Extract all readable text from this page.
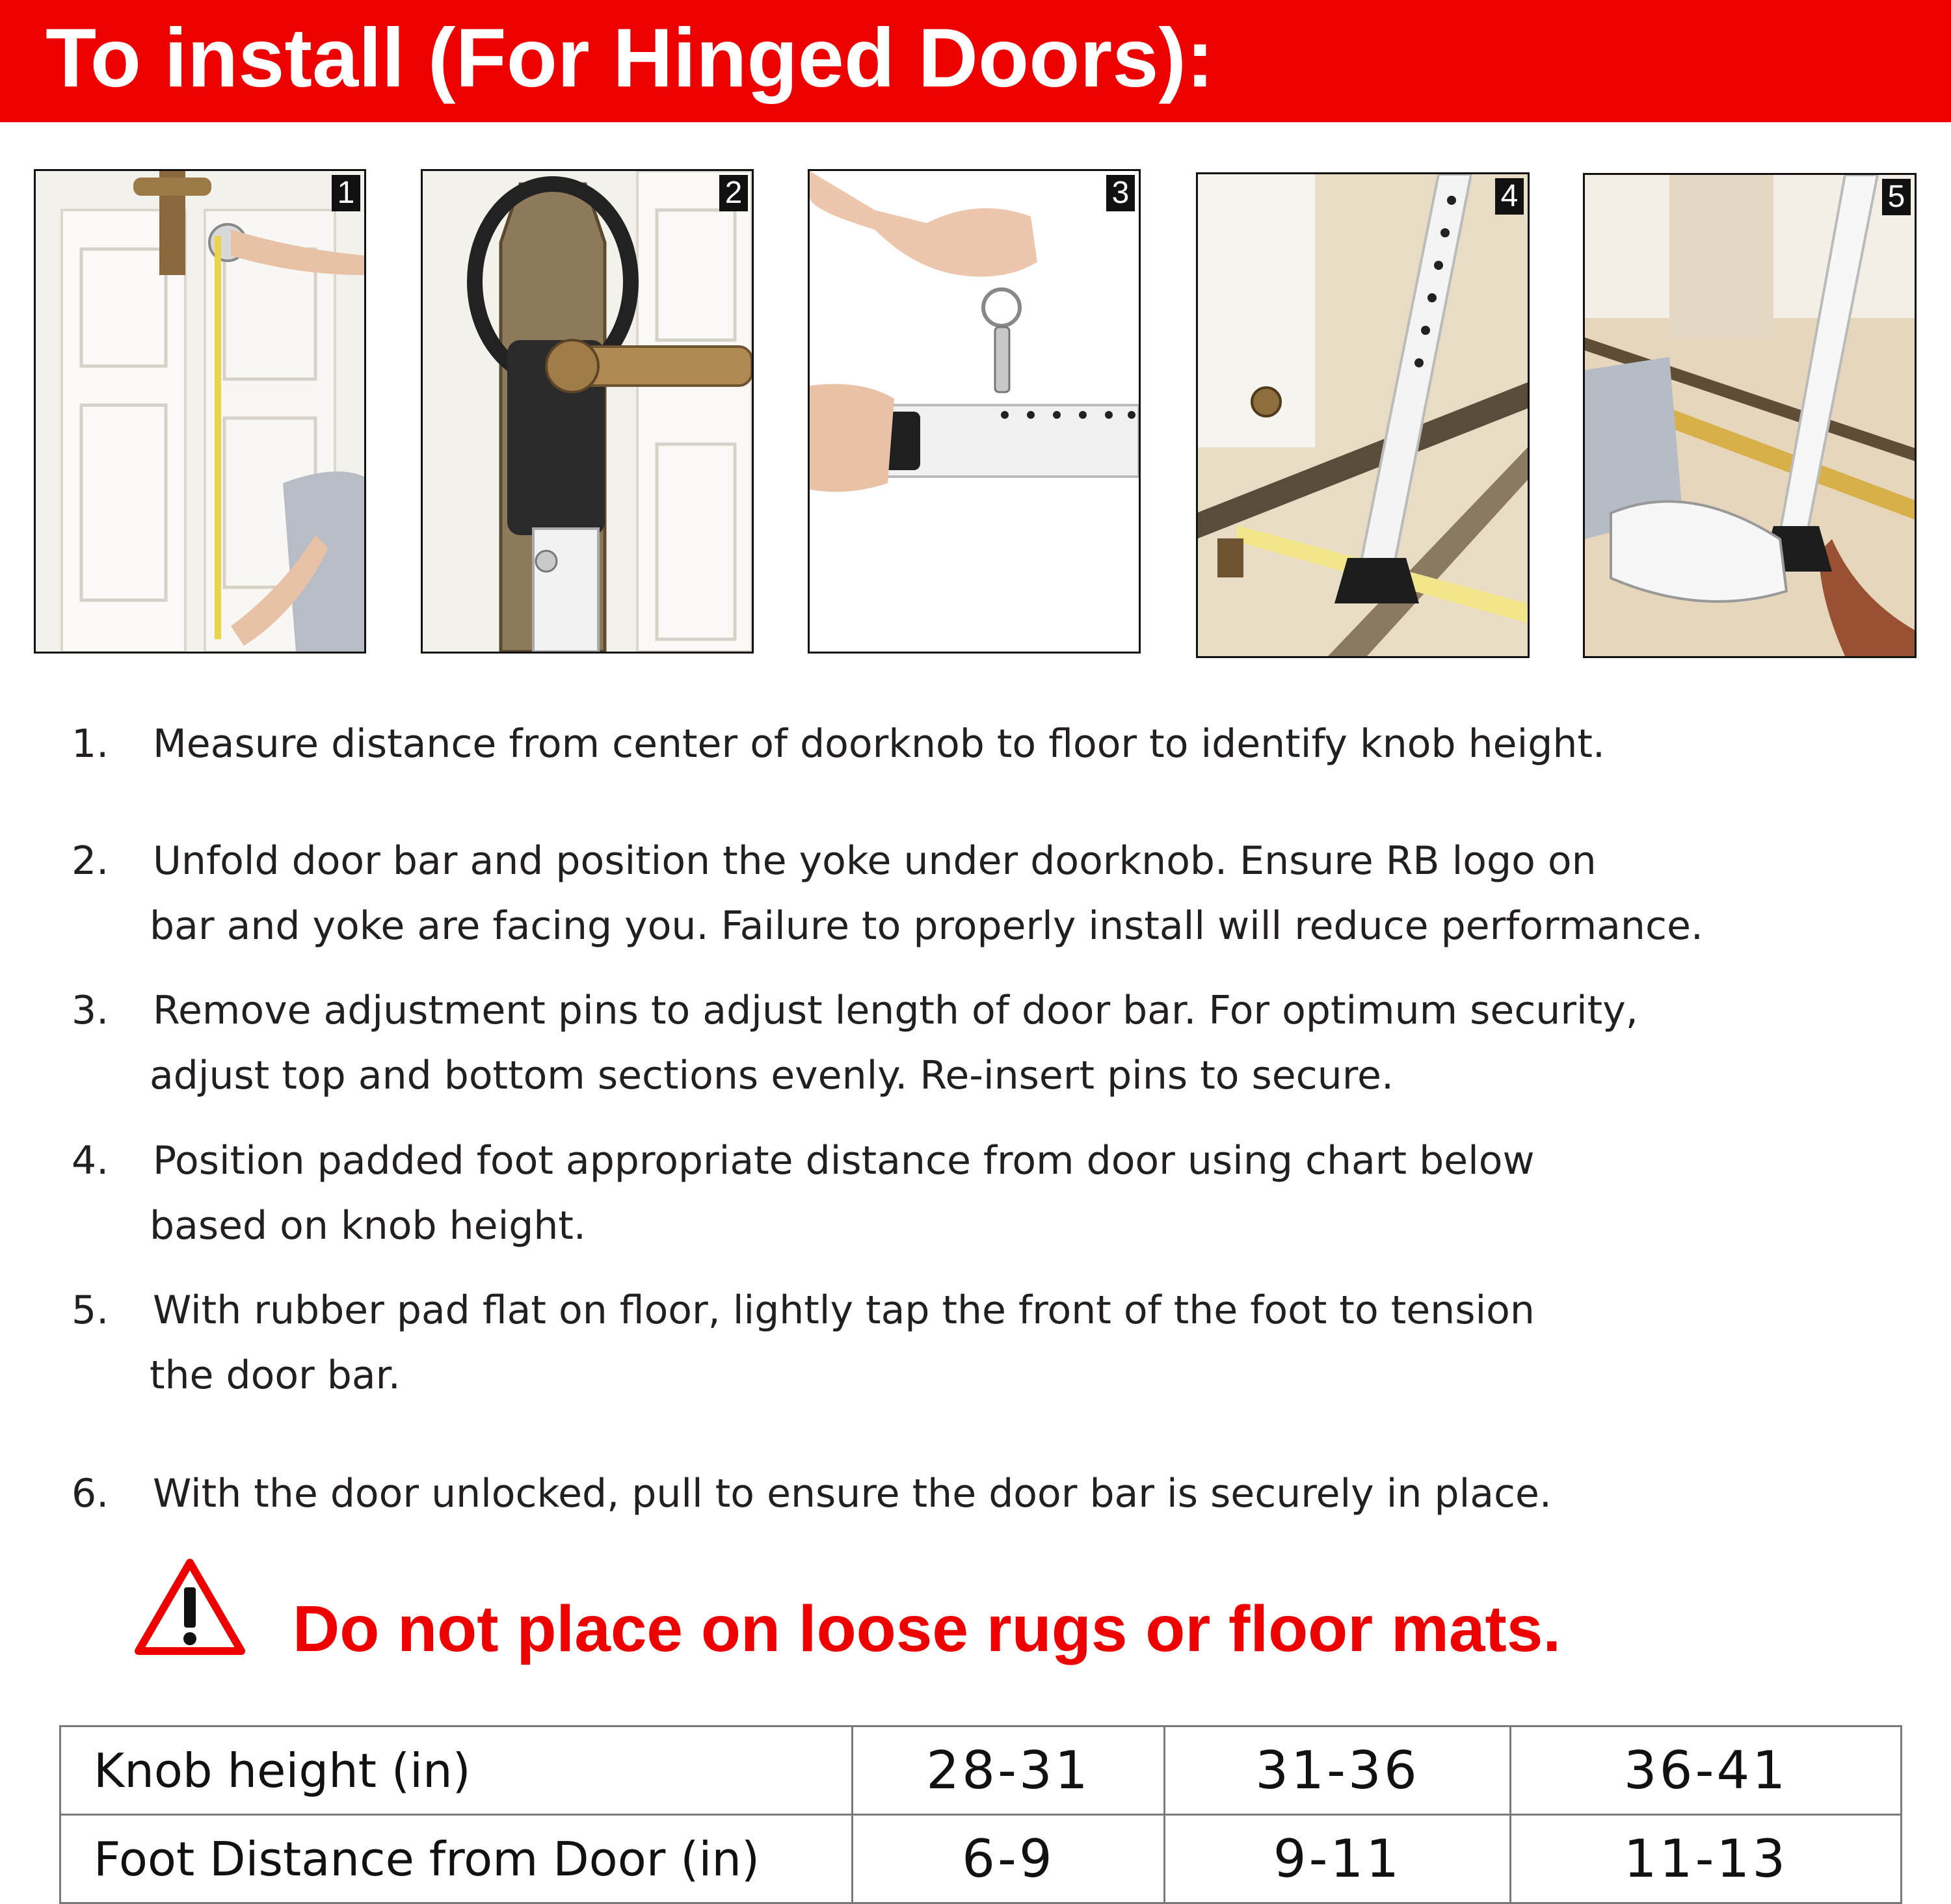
To install (For Hinged Doors):
1	2	3	4	5
1. Measure distance from center of doorknob to floor to identify knob height.
2. Unfold door bar and position the yoke under doorknob. Ensure RB logo on
bar and yoke are facing you. Failure to properly install will reduce performance.
3. Remove adjustment pins to adjust length of door bar. For optimum security,
adjust top and bottom sections evenly. Re-insert pins to secure.
4. Position padded foot appropriate distance from door using chart below
based on knob height.
5. With rubber pad flat on floor, lightly tap the front of the foot to tension
the door bar.
6. With the door unlocked, pull to ensure the door bar is securely in place.
Do not place on loose rugs or floor mats.
Knob height (in)	28-31	31-36	36-41
Foot Distance from Door (in)	6-9	9-11	11-13
